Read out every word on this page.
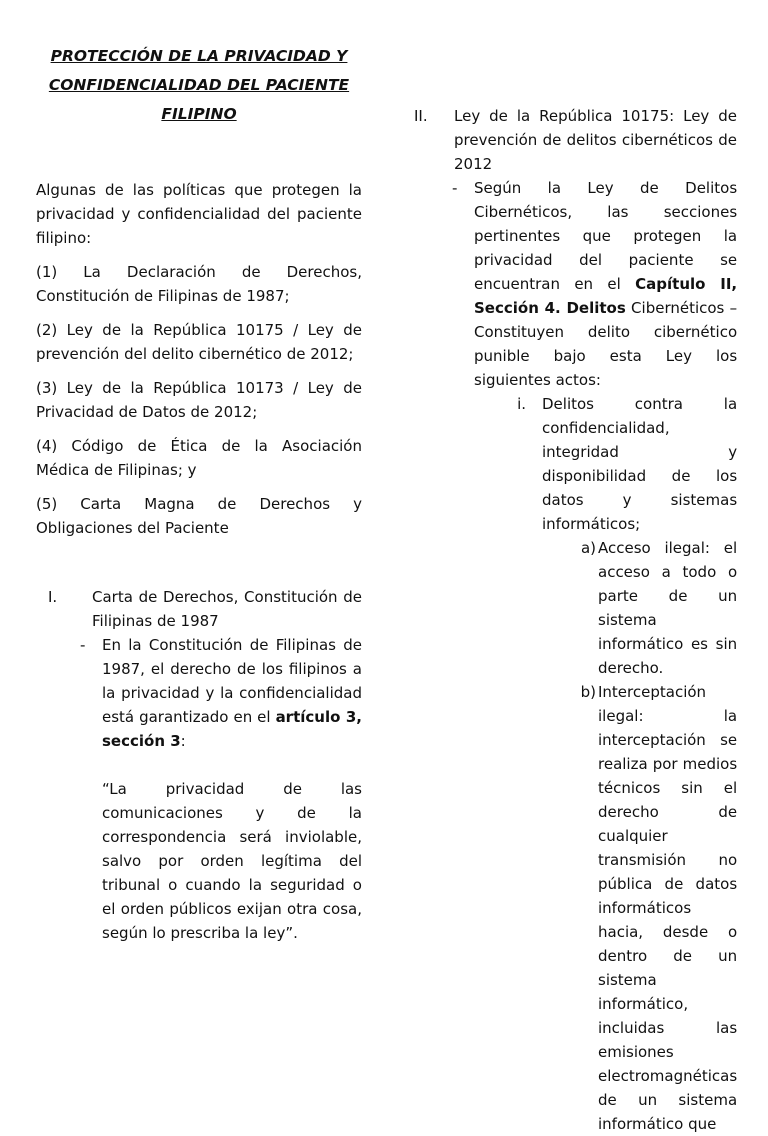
PROTECCIÓN DE LA PRIVACIDAD Y CONFIDENCIALIDAD DEL PACIENTE FILIPINO

Algunas de las políticas que protegen la privacidad y confidencialidad del paciente filipino:

(1) La Declaración de Derechos, Constitución de Filipinas de 1987;

(2) Ley de la República 10175 / Ley de prevención del delito cibernético de 2012;

(3) Ley de la República 10173 / Ley de Privacidad de Datos de 2012;

(4) Código de Ética de la Asociación Médica de Filipinas; y

(5) Carta Magna de Derechos y Obligaciones del Paciente

I.	Carta de Derechos, Constitución de Filipinas de 1987
-	En la Constitución de Filipinas de 1987, el derecho de los filipinos a la privacidad y la confidencialidad está garantizado en el artículo 3, sección 3:

“La privacidad de las comunicaciones y de la correspondencia será inviolable, salvo por orden legítima del tribunal o cuando la seguridad o el orden públicos exijan otra cosa, según lo prescriba la ley”.

II.	Ley de la República 10175: Ley de prevención de delitos cibernéticos de 2012
-	Según la Ley de Delitos Cibernéticos, las secciones pertinentes que protegen la privacidad del paciente se encuentran en el Capítulo II, Sección 4. Delitos Cibernéticos – Constituyen delito cibernético punible bajo esta Ley los siguientes actos:

i. Delitos contra la confidencialidad, integridad y disponibilidad de los datos y sistemas informáticos;

a) Acceso ilegal: el acceso a todo o parte de un sistema informático es sin derecho.

b) Interceptación ilegal: la interceptación se realiza por medios técnicos sin el derecho de cualquier transmisión no pública de datos informáticos hacia, desde o dentro de un sistema informático, incluidas las emisiones electromagnéticas de un sistema informático que
